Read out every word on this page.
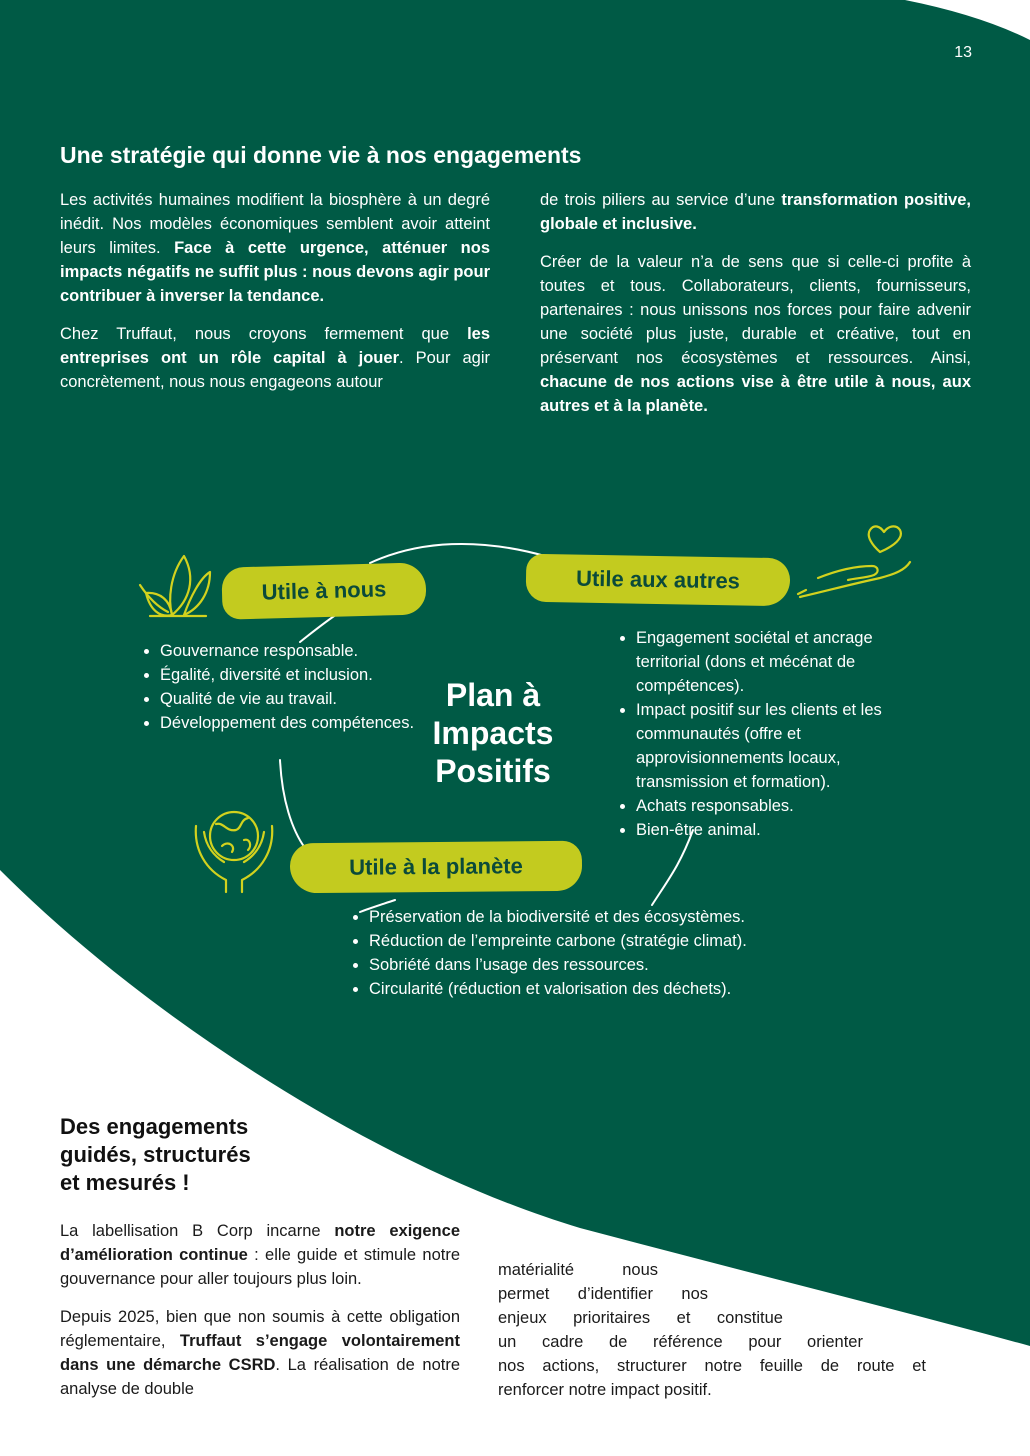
13
Une stratégie qui donne vie à nos engagements

Les activités humaines modifient la biosphère à un degré inédit. Nos modèles économiques semblent avoir atteint leurs limites. Face à cette urgence, atténuer nos impacts négatifs ne suffit plus : nous devons agir pour contribuer à inverser la tendance.

Chez Truffaut, nous croyons fermement que les entreprises ont un rôle capital à jouer. Pour agir concrètement, nous nous engageons autour

de trois piliers au service d’une transformation positive, globale et inclusive.

Créer de la valeur n’a de sens que si celle-ci profite à toutes et tous. Collaborateurs, clients, fournisseurs, partenaires : nous unissons nos forces pour faire advenir une société plus juste, durable et créative, tout en préservant nos écosystèmes et ressources. Ainsi, chacune de nos actions vise à être utile à nous, aux autres et à la planète.

Utile à nous	Utile aux autres
Utile à la planète
Plan à
Impacts
Positifs
• Gouvernance responsable.
• Égalité, diversité et inclusion.
• Qualité de vie au travail.
• Développement des compétences.
• Engagement sociétal et ancrage territorial (dons et mécénat de compétences).
• Impact positif sur les clients et les communautés (offre et approvisionnements locaux, transmission et formation).
• Achats responsables.
• Bien-être animal.
• Préservation de la biodiversité et des écosystèmes.
• Réduction de l’empreinte carbone (stratégie climat).
• Sobriété dans l’usage des ressources.
• Circularité (réduction et valorisation des déchets).
Des engagements
guidés, structurés
et mesurés !

La labellisation B Corp incarne notre exigence d’amélioration continue : elle guide et stimule notre gouvernance pour aller toujours plus loin.

Depuis 2025, bien que non soumis à cette obligation réglementaire, Truffaut s’engage volontairement dans une démarche CSRD. La réalisation de notre analyse de double

matérialité	nous
permet d’identifier nos
enjeux prioritaires et constitue
un cadre de référence pour orienter
nos actions, structurer notre feuille de route et
renforcer notre impact positif.
